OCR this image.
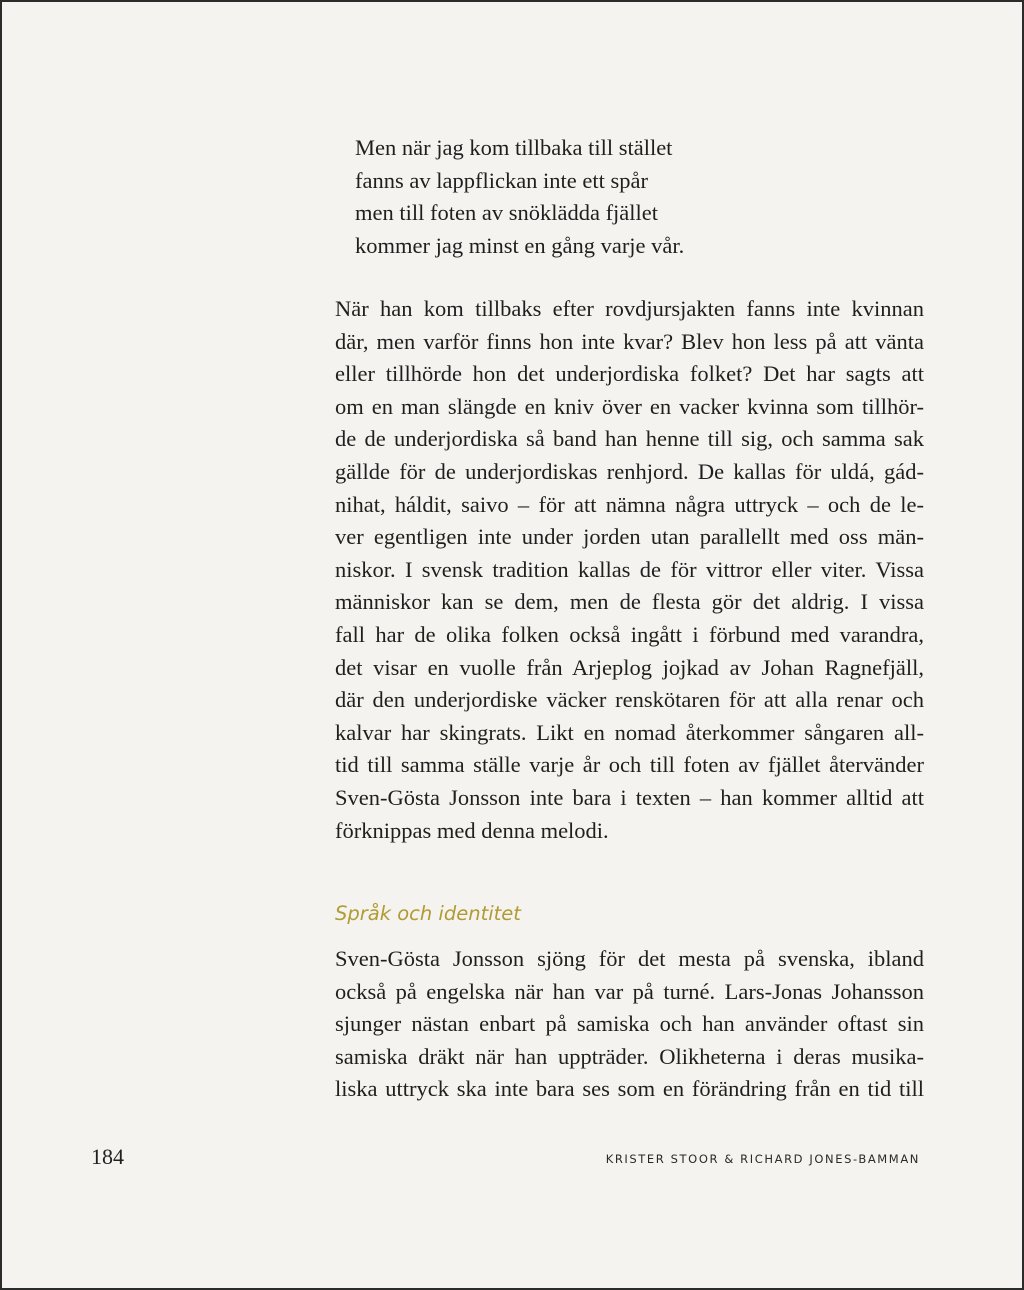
Men när jag kom tillbaka till stället
fanns av lappflickan inte ett spår
men till foten av snöklädda fjället
kommer jag minst en gång varje vår.
När han kom tillbaks efter rovdjursjakten fanns inte kvinnan
där, men varför finns hon inte kvar? Blev hon less på att vänta
eller tillhörde hon det underjordiska folket? Det har sagts att
om en man slängde en kniv över en vacker kvinna som tillhör-
de de underjordiska så band han henne till sig, och samma sak
gällde för de underjordiskas renhjord. De kallas för uldá, gád-
nihat, háldit, saivo – för att nämna några uttryck – och de le-
ver egentligen inte under jorden utan parallellt med oss män-
niskor. I svensk tradition kallas de för vittror eller viter. Vissa
människor kan se dem, men de flesta gör det aldrig. I vissa
fall har de olika folken också ingått i förbund med varandra,
det visar en vuolle från Arjeplog jojkad av Johan Ragnefjäll,
där den underjordiske väcker renskötaren för att alla renar och
kalvar har skingrats. Likt en nomad återkommer sångaren all-
tid till samma ställe varje år och till foten av fjället återvänder
Sven-Gösta Jonsson inte bara i texten – han kommer alltid att
förknippas med denna melodi.
Språk och identitet
Sven-Gösta Jonsson sjöng för det mesta på svenska, ibland
också på engelska när han var på turné. Lars-Jonas Johansson
sjunger nästan enbart på samiska och han använder oftast sin
samiska dräkt när han uppträder. Olikheterna i deras musika-
liska uttryck ska inte bara ses som en förändring från en tid till
184	KRISTER STOOR & RICHARD JONES-BAMMAN
